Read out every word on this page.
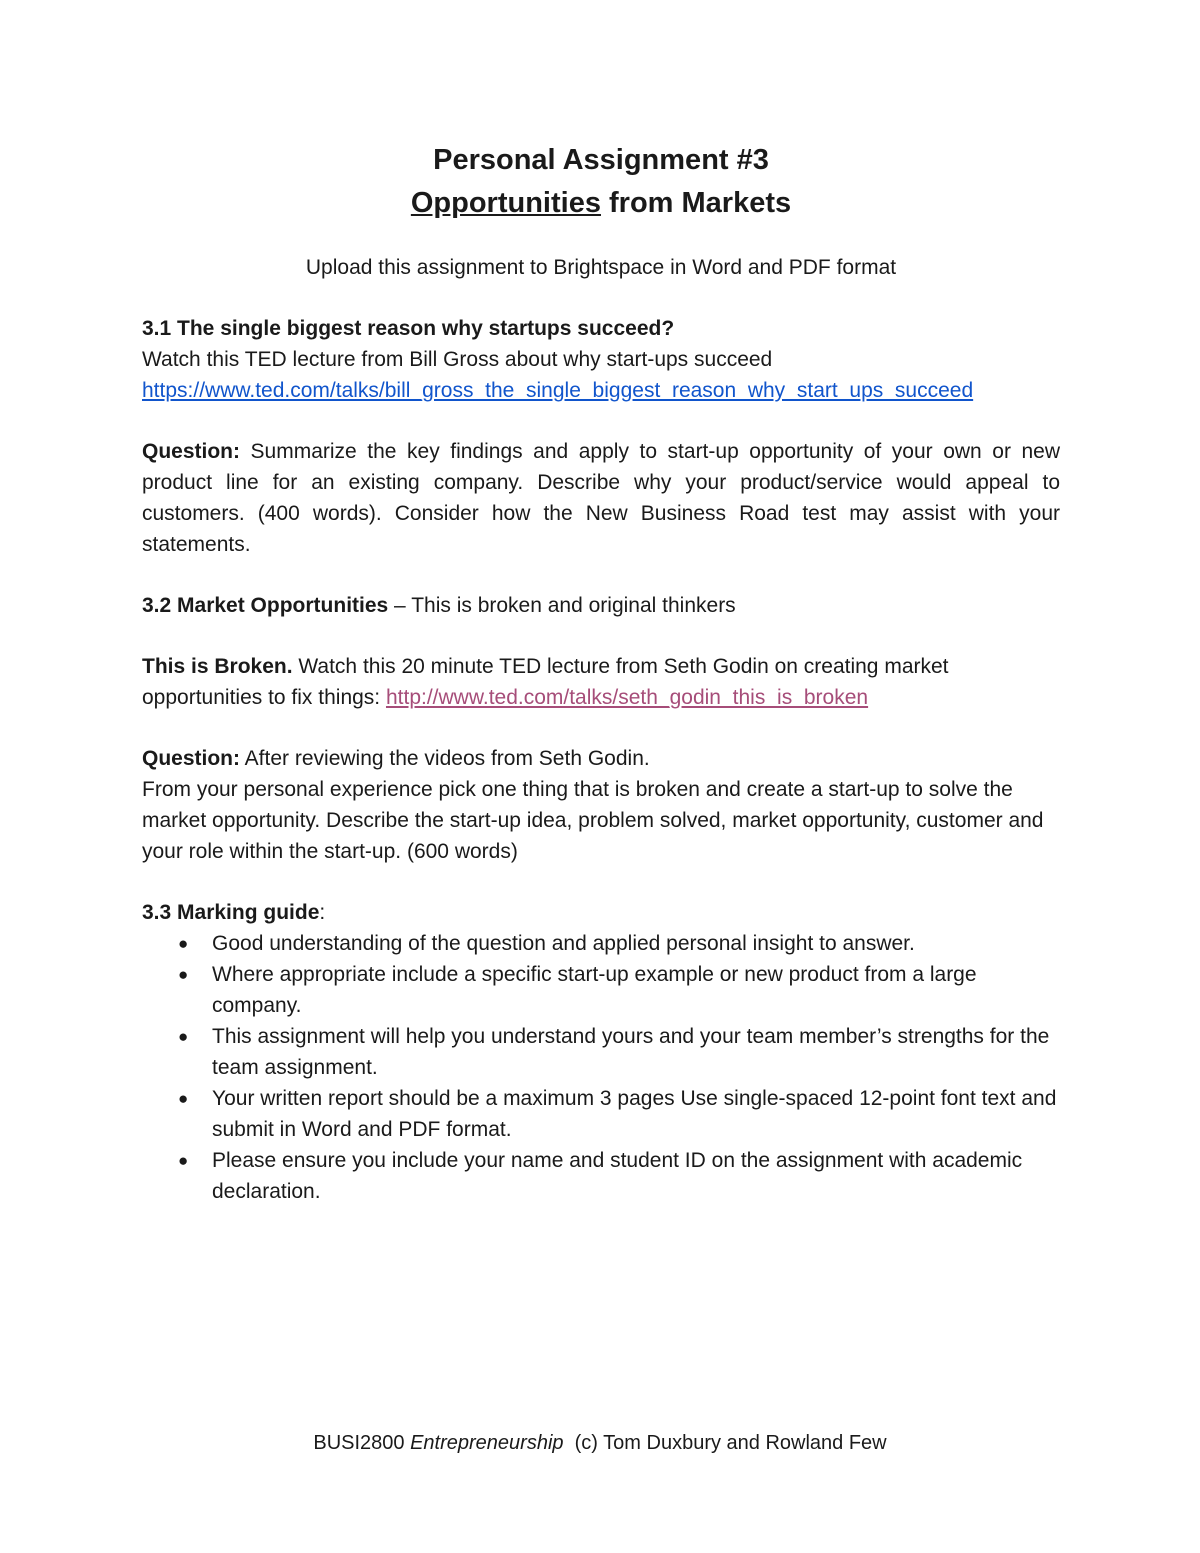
Personal Assignment #3
Opportunities from Markets
Upload this assignment to Brightspace in Word and PDF format
3.1 The single biggest reason why startups succeed?
Watch this TED lecture from Bill Gross about why start-ups succeed
https://www.ted.com/talks/bill_gross_the_single_biggest_reason_why_start_ups_succeed
Question: Summarize the key findings and apply to start-up opportunity of your own or new product line for an existing company. Describe why your product/service would appeal to customers. (400 words). Consider how the New Business Road test may assist with your statements.
3.2 Market Opportunities – This is broken and original thinkers
This is Broken. Watch this 20 minute TED lecture from Seth Godin on creating market opportunities to fix things: http://www.ted.com/talks/seth_godin_this_is_broken
Question: After reviewing the videos from Seth Godin.
From your personal experience pick one thing that is broken and create a start-up to solve the market opportunity. Describe the start-up idea, problem solved, market opportunity, customer and your role within the start-up. (600 words)
3.3 Marking guide:
● Good understanding of the question and applied personal insight to answer.
● Where appropriate include a specific start-up example or new product from a large company.
● This assignment will help you understand yours and your team member’s strengths for the team assignment.
● Your written report should be a maximum 3 pages Use single-spaced 12-point font text and submit in Word and PDF format.
● Please ensure you include your name and student ID on the assignment with academic declaration.
BUSI2800 Entrepreneurship  (c) Tom Duxbury and Rowland Few
